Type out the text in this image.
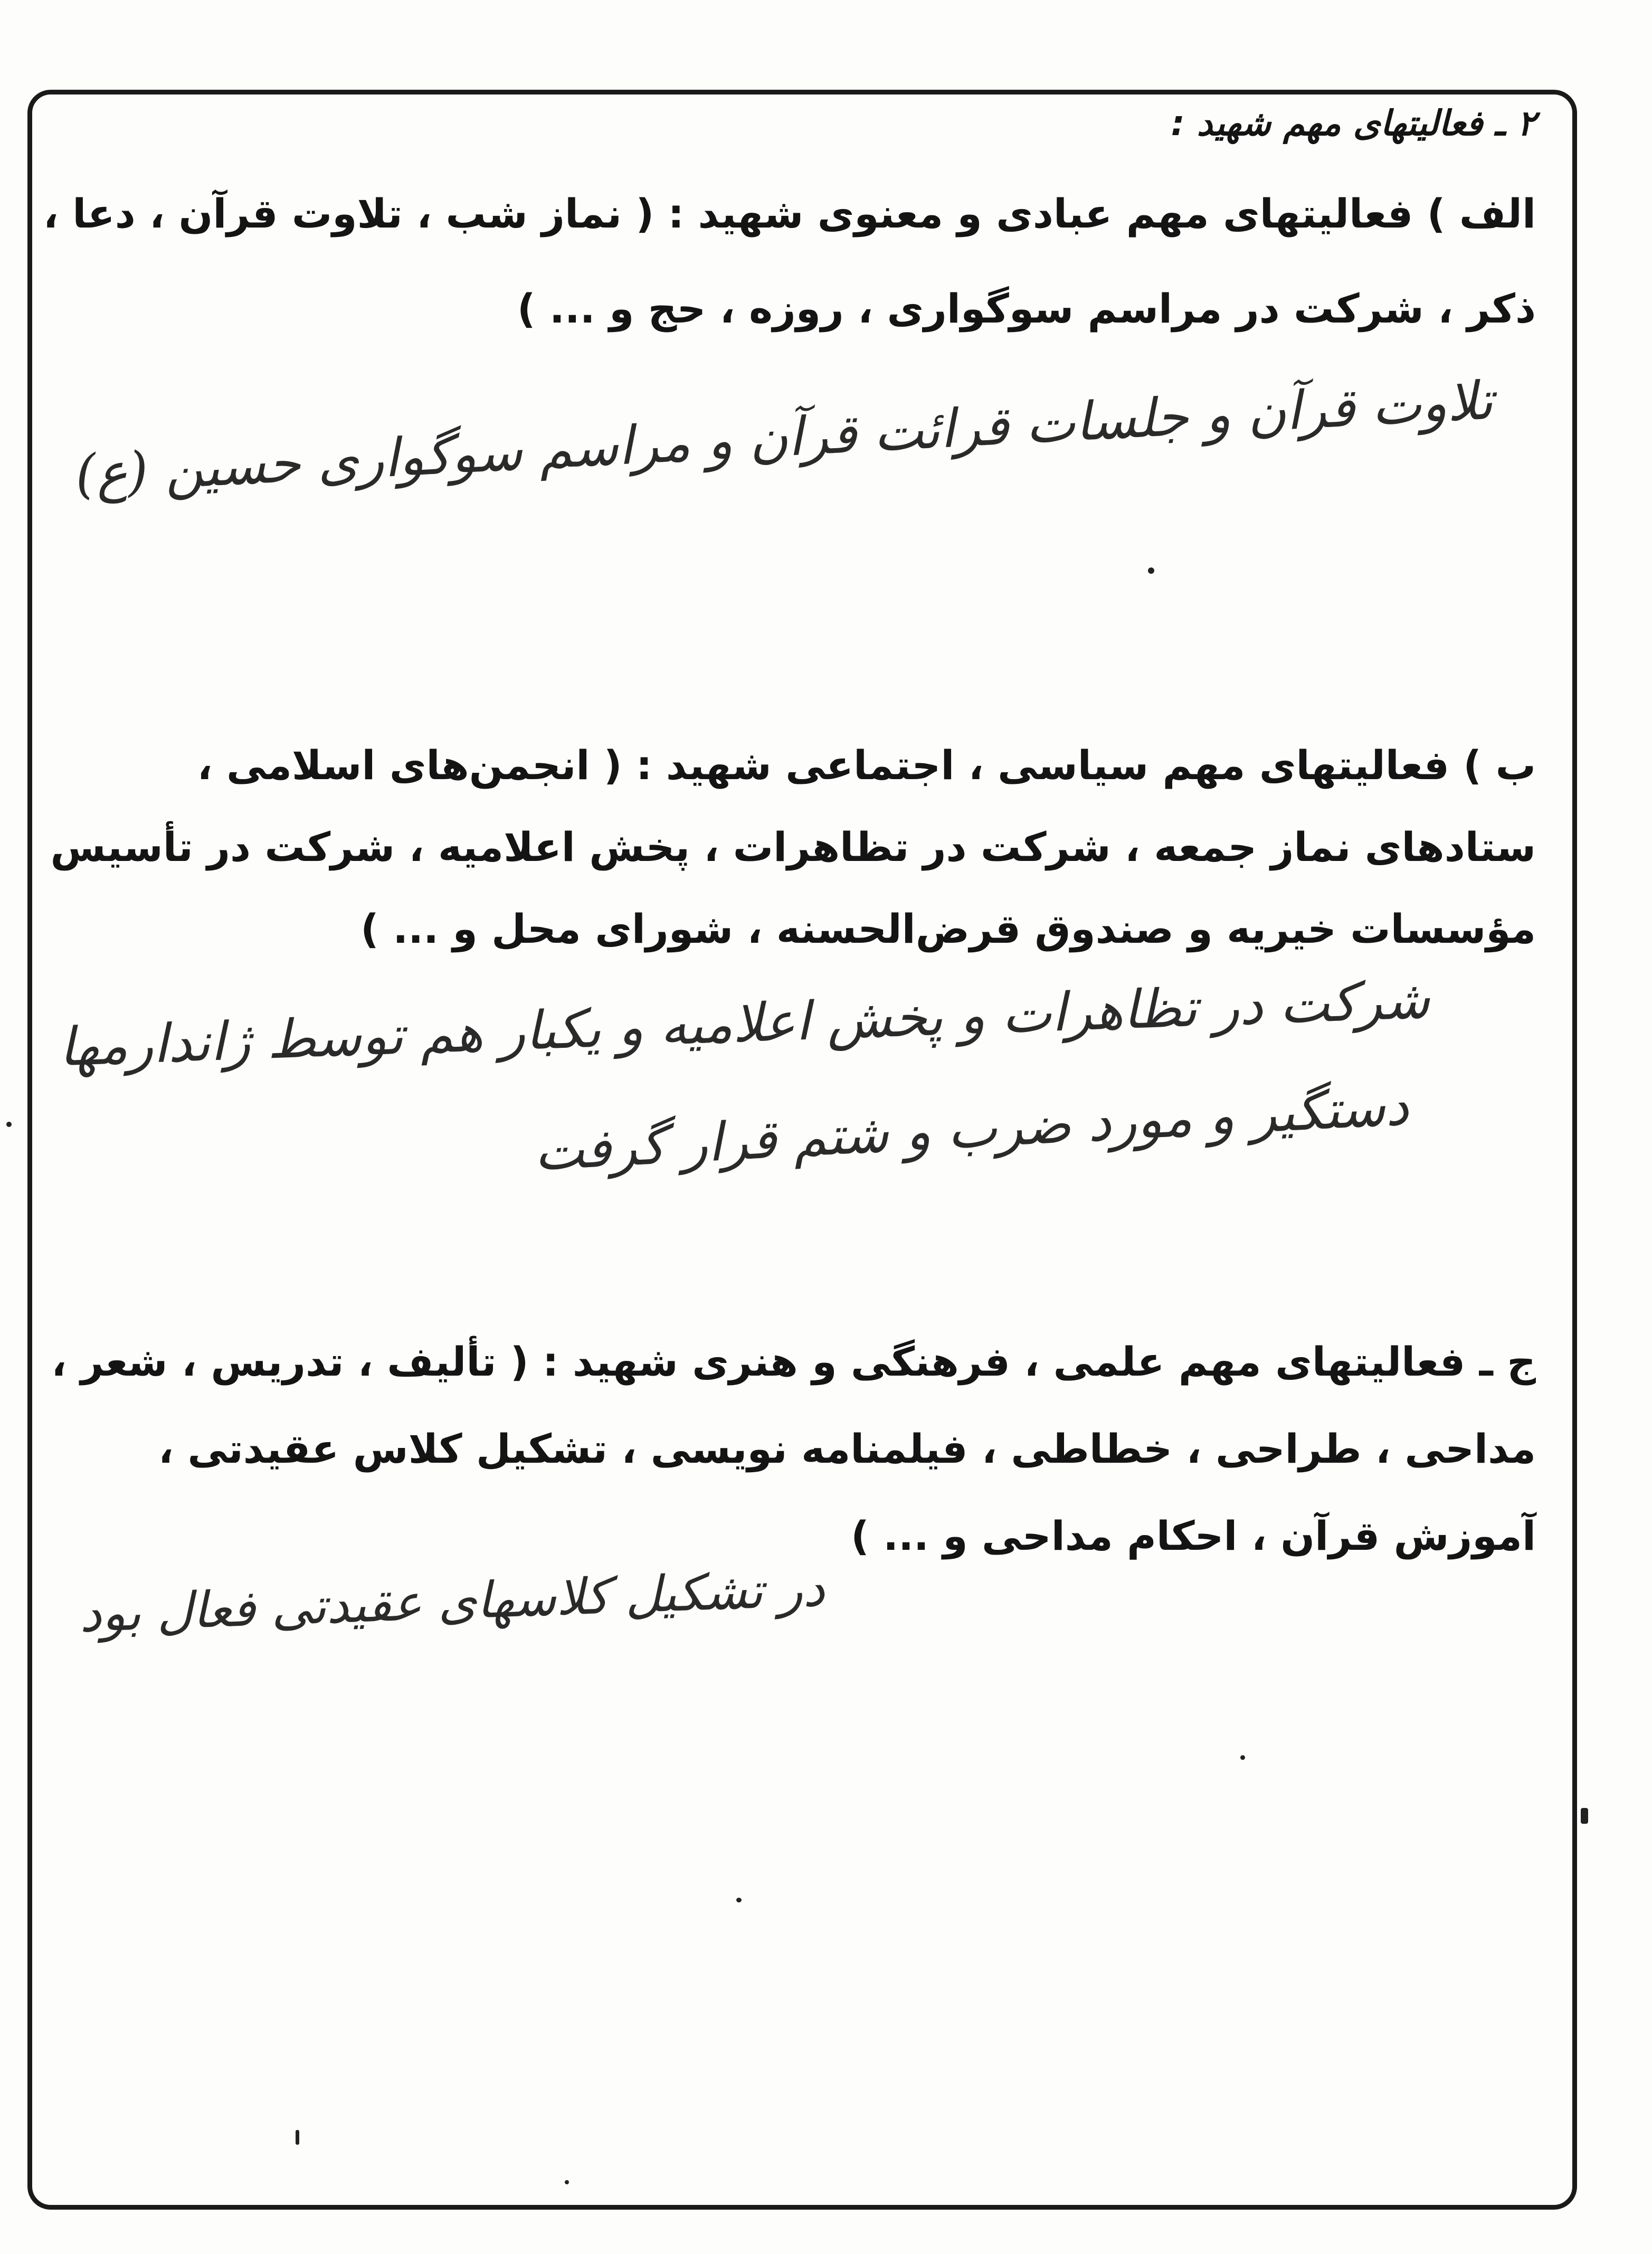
۲ ـ فعالیتهای مهم شهید :
الف ) فعالیتهای مهم عبادی و معنوی شهید : ( نماز شب ، تلاوت قرآن ، دعا ،
ذکر ، شرکت در مراسم سوگواری ، روزه ، حج و ... )
تلاوت قرآن و جلسات قرائت قرآن و مراسم سوگواری حسین (ع)
ب ) فعالیتهای مهم سیاسی ، اجتماعی شهید : ( انجمن‌های اسلامی ،
ستادهای نماز جمعه ، شرکت در تظاهرات ، پخش اعلامیه ، شرکت در تأسیس
مؤسسات خیریه و صندوق قرض‌الحسنه ، شورای محل و ... )
شرکت در تظاهرات و پخش اعلامیه و یکبار هم توسط ژاندارمها
دستگیر و مورد ضرب و شتم قرار گرفت
ج ـ فعالیتهای مهم علمی ، فرهنگی و هنری شهید : ( تألیف ، تدریس ، شعر ،
مداحی ، طراحی ، خطاطی ، فیلمنامه نویسی ، تشکیل کلاس عقیدتی ،
آموزش قرآن ، احکام مداحی و ... )
در تشکیل کلاسهای عقیدتی فعال بود
